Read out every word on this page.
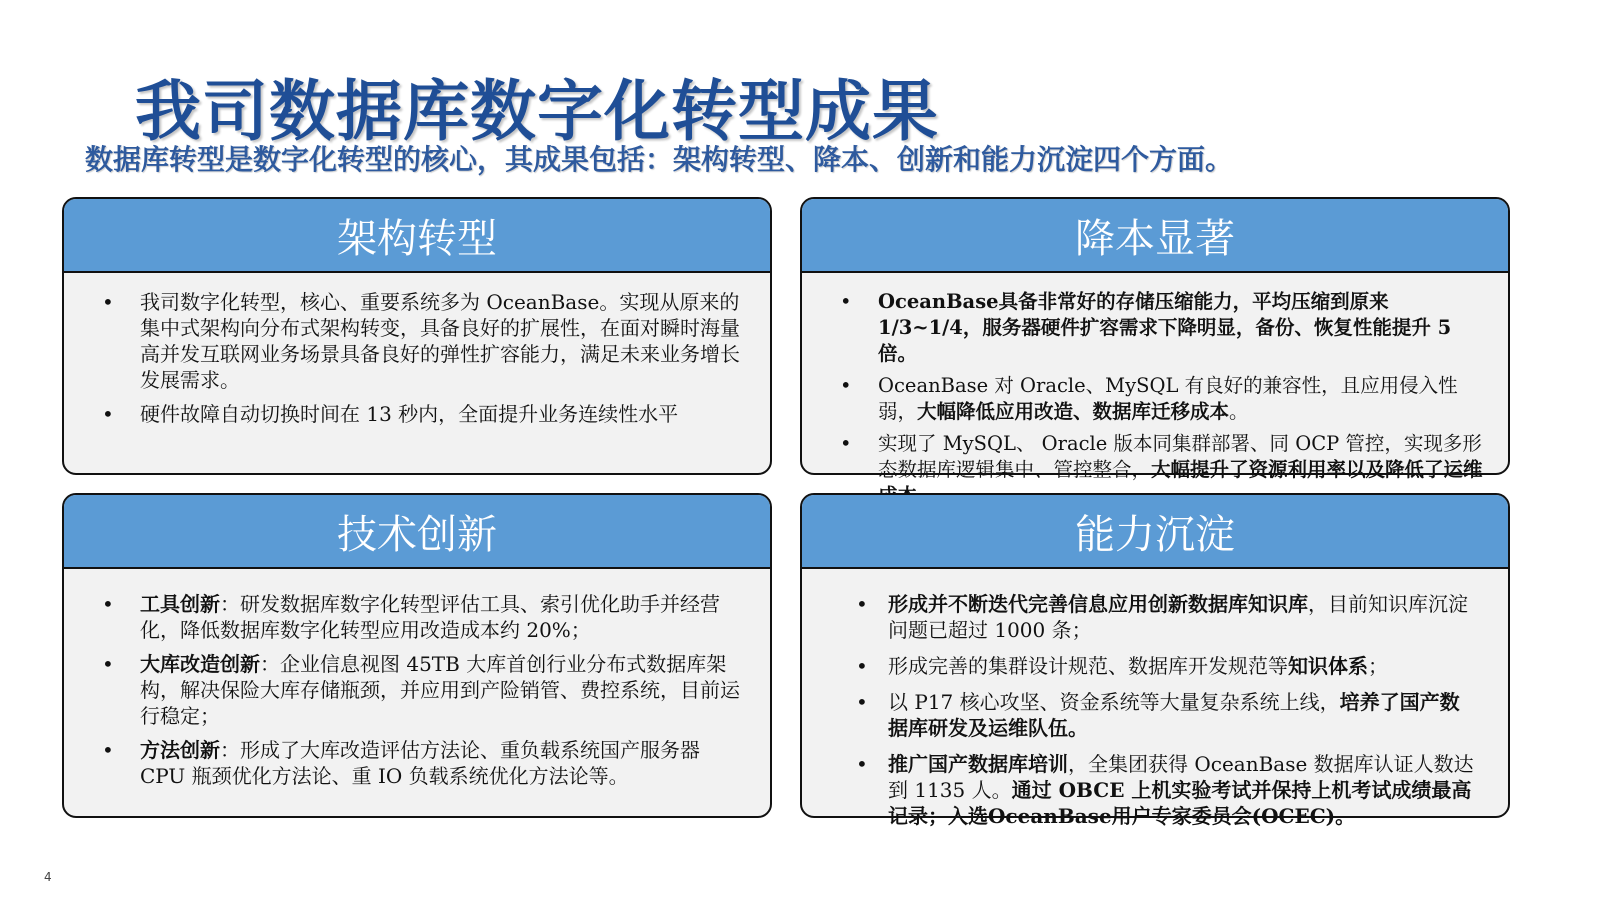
我司数据库数字化转型成果
数据库转型是数字化转型的核心，其成果包括：架构转型、降本、创新和能力沉淀四个方面。
架构转型
• 我司数字化转型，核心、重要系统多为 OceanBase。实现从原来的集中式架构向分布式架构转变，具备良好的扩展性，在面对瞬时海量高并发互联网业务场景具备良好的弹性扩容能力，满足未来业务增长发展需求。
• 硬件故障自动切换时间在 13 秒内，全面提升业务连续性水平
降本显著
• OceanBase具备非常好的存储压缩能力，平均压缩到原来1/3~1/4，服务器硬件扩容需求下降明显，备份、恢复性能提升 5 倍。
• OceanBase 对 Oracle、MySQL 有良好的兼容性，且应用侵入性弱，大幅降低应用改造、数据库迁移成本。
• 实现了 MySQL、 Oracle 版本同集群部署、同 OCP 管控，实现多形态数据库逻辑集中、管控整合，大幅提升了资源利用率以及降低了运维
技术创新
• 工具创新：研发数据库数字化转型评估工具、索引优化助手并经营化，降低数据库数字化转型应用改造成本约 20%；
• 大库改造创新：企业信息视图 45TB 大库首创行业分布式数据库架构，解决保险大库存储瓶颈，并应用到产险销管、费控系统，目前运行稳定；
• 方法创新：形成了大库改造评估方法论、重负载系统国产服务器 CPU 瓶颈优化方法论、重 IO 负载系统优化方法论等。
能力沉淀
• 形成并不断迭代完善信息应用创新数据库知识库，目前知识库沉淀问题已超过 1000 条；
• 形成完善的集群设计规范、数据库开发规范等知识体系；
• 以 P17 核心攻坚、资金系统等大量复杂系统上线，培养了国产数据库研发及运维队伍。
• 推广国产数据库培训，全集团获得 OceanBase 数据库认证人数达到 1135 人。通过 OBCE 上机实验考试并保持上机考试成绩最高记录；入选OceanBase用户专家委员会(OCEC)。
4
